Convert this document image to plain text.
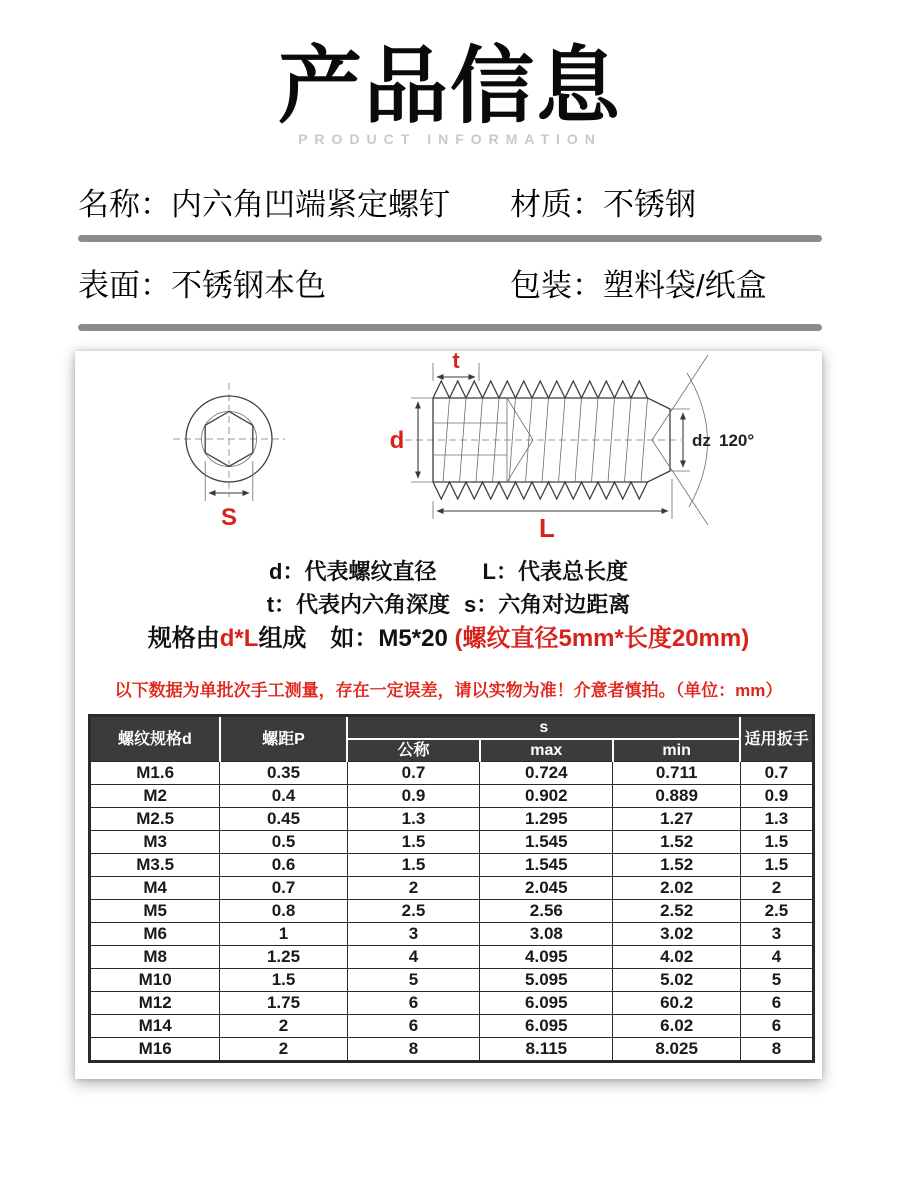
产品信息
PRODUCT INFORMATION
名称：内六角凹端紧定螺钉 材质：不锈钢
表面：不锈钢本色	包装：塑料袋/纸盒
S
t
d	dz 120°
L
d：代表螺纹直径 L：代表总长度
t：代表内六角深度 s：六角对边距离
规格由d*L组成　如：M5*20 (螺纹直径5mm*长度20mm)
以下数据为单批次手工测量，存在一定误差，请以实物为准！介意者慎拍。（单位：mm）
螺纹规格d	螺距P	s			适用扳手
		公称	max	min	
M1.6	0.35	0.7	0.724	0.711	0.7
M2	0.4	0.9	0.902	0.889	0.9
M2.5	0.45	1.3	1.295	1.27	1.3
M3	0.5	1.5	1.545	1.52	1.5
M3.5	0.6	1.5	1.545	1.52	1.5
M4	0.7	2	2.045	2.02	2
M5	0.8	2.5	2.56	2.52	2.5
M6	1	3	3.08	3.02	3
M8	1.25	4	4.095	4.02	4
M10	1.5	5	5.095	5.02	5
M12	1.75	6	6.095	60.2	6
M14	2	6	6.095	6.02	6
M16	2	8	8.115	8.025	8
